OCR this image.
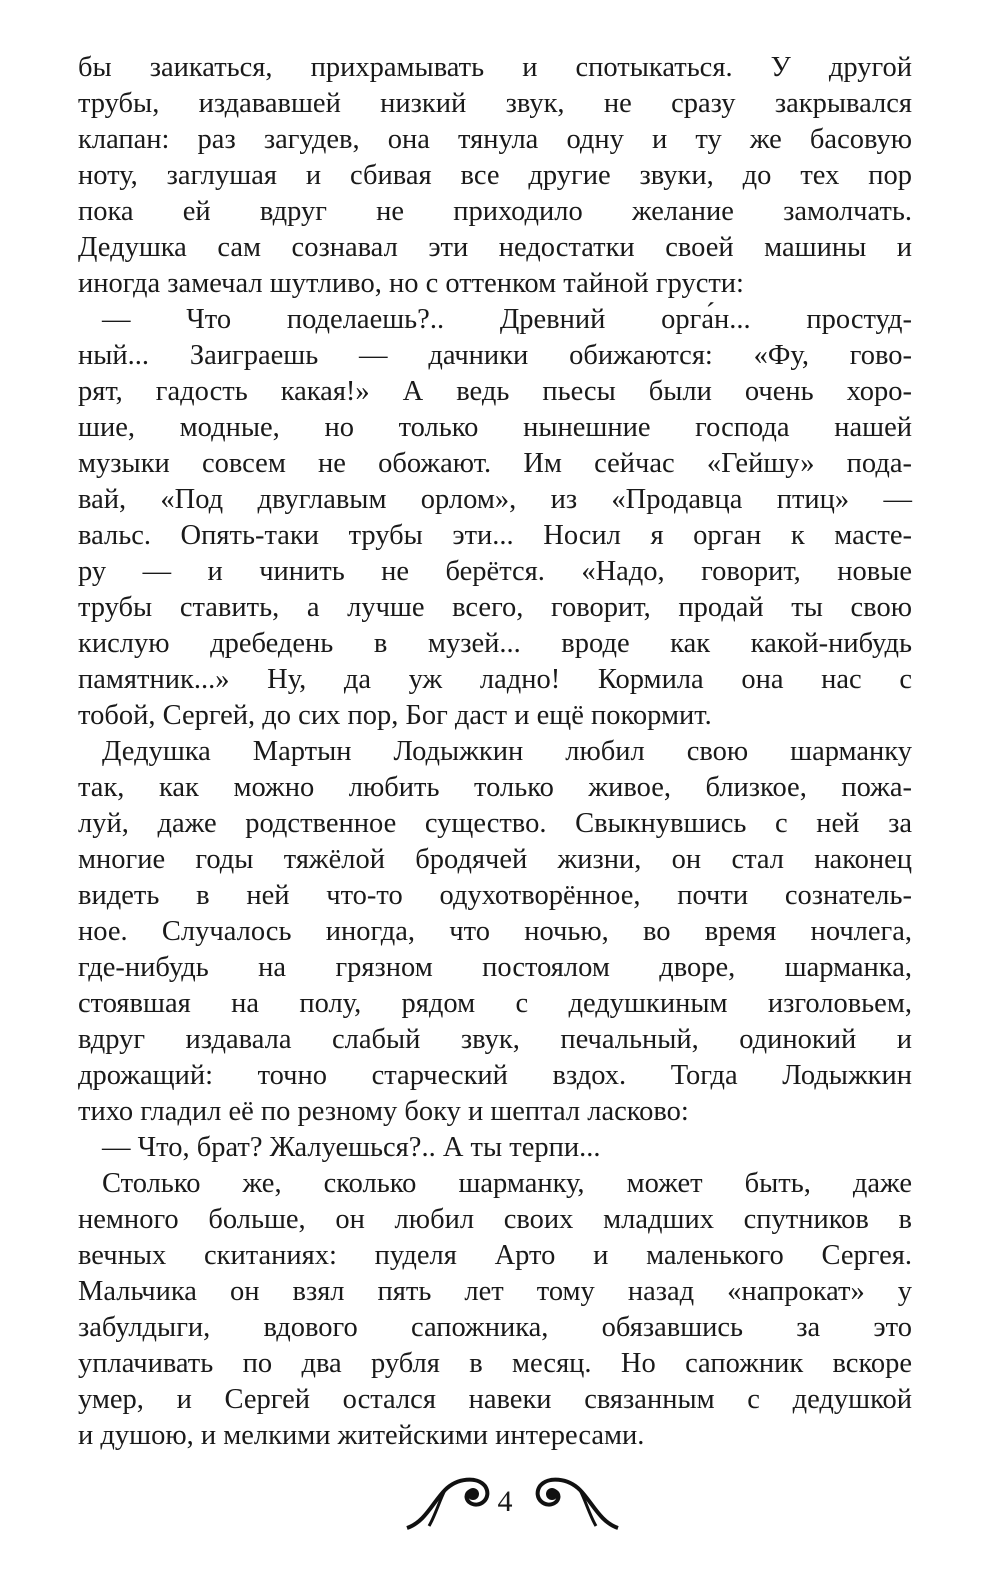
бы заикаться, прихрамывать и спотыкаться. У другой
трубы, издававшей низкий звук, не сразу закрывался
клапан: раз загудев, она тянула одну и ту же басовую
ноту, заглушая и сбивая все другие звуки, до тех пор
пока ей вдруг не приходило желание замолчать.
Дедушка сам сознавал эти недостатки своей машины и
иногда замечал шутливо, но с оттенком тайной грусти:
— Что поделаешь?.. Древний орга́н... простуд-
ный... Заиграешь — дачники обижаются: «Фу, гово-
рят, гадость какая!» А ведь пьесы были очень хоро-
шие, модные, но только нынешние господа нашей
музыки совсем не обожают. Им сейчас «Гейшу» пода-
вай, «Под двуглавым орлом», из «Продавца птиц» —
вальс. Опять-таки трубы эти... Носил я орган к масте-
ру — и чинить не берётся. «Надо, говорит, новые
трубы ставить, а лучше всего, говорит, продай ты свою
кислую дребедень в музей... вроде как какой-нибудь
памятник...» Ну, да уж ладно! Кормила она нас с
тобой, Сергей, до сих пор, Бог даст и ещё покормит.
Дедушка Мартын Лодыжкин любил свою шарманку
так, как можно любить только живое, близкое, пожа-
луй, даже родственное существо. Свыкнувшись с ней за
многие годы тяжёлой бродячей жизни, он стал наконец
видеть в ней что-то одухотворённое, почти сознатель-
ное. Случалось иногда, что ночью, во время ночлега,
где-нибудь на грязном постоялом дворе, шарманка,
стоявшая на полу, рядом с дедушкиным изголовьем,
вдруг издавала слабый звук, печальный, одинокий и
дрожащий: точно старческий вздох. Тогда Лодыжкин
тихо гладил её по резному боку и шептал ласково:
— Что, брат? Жалуешься?.. А ты терпи...
Столько же, сколько шарманку, может быть, даже
немного больше, он любил своих младших спутников в
вечных скитаниях: пуделя Арто и маленького Сергея.
Мальчика он взял пять лет тому назад «напрокат» у
забулдыги, вдового сапожника, обязавшись за это
уплачивать по два рубля в месяц. Но сапожник вскоре
умер, и Сергей остался навеки связанным с дедушкой
и душою, и мелкими житейскими интересами.
4
